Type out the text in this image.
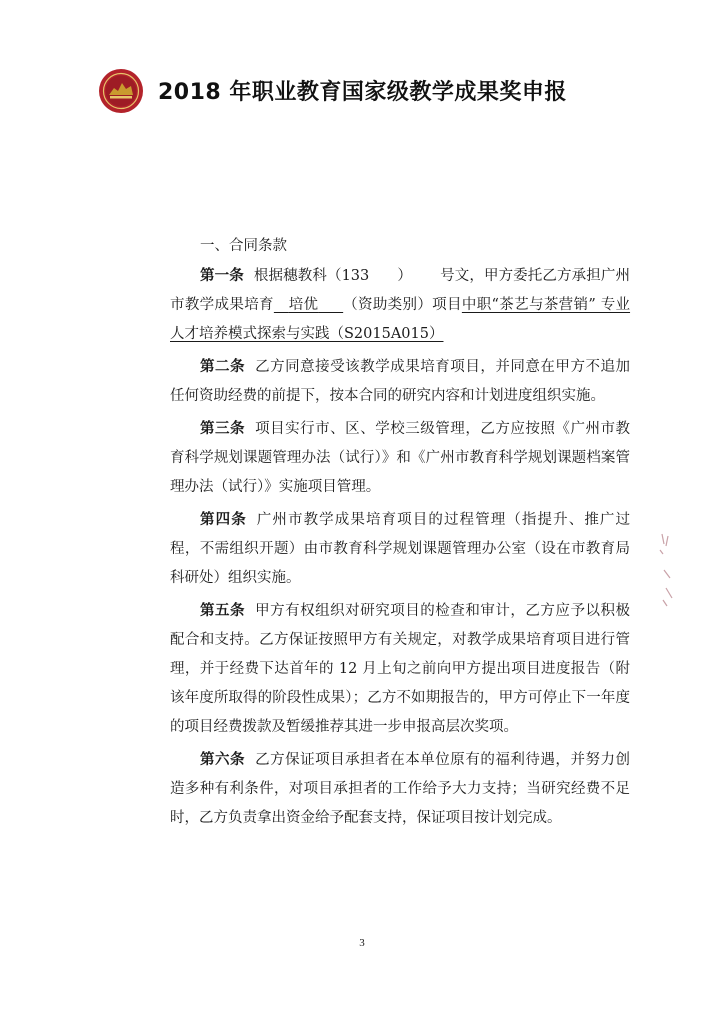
2018 年职业教育国家级教学成果奖申报
一、合同条款

第一条 根据穗教科（133 ） 号文，甲方委托乙方承担广州市教学成果培育 培优 （资助类别）项目中职“茶艺与茶营销” 专业人才培养模式探索与实践（S2015A015）

第二条 乙方同意接受该教学成果培育项目，并同意在甲方不追加任何资助经费的前提下，按本合同的研究内容和计划进度组织实施。

第三条 项目实行市、区、学校三级管理，乙方应按照《广州市教育科学规划课题管理办法（试行）》和《广州市教育科学规划课题档案管理办法（试行）》实施项目管理。

第四条 广州市教学成果培育项目的过程管理（指提升、推广过程，不需组织开题）由市教育科学规划课题管理办公室（设在市教育局科研处）组织实施。

第五条 甲方有权组织对研究项目的检查和审计，乙方应予以积极配合和支持。乙方保证按照甲方有关规定，对教学成果培育项目进行管理，并于经费下达首年的 12 月上旬之前向甲方提出项目进度报告（附该年度所取得的阶段性成果）；乙方不如期报告的，甲方可停止下一年度的项目经费拨款及暂缓推荐其进一步申报高层次奖项。

第六条 乙方保证项目承担者在本单位原有的福利待遇，并努力创造多种有利条件，对项目承担者的工作给予大力支持；当研究经费不足时，乙方负责拿出资金给予配套支持，保证项目按计划完成。

3
